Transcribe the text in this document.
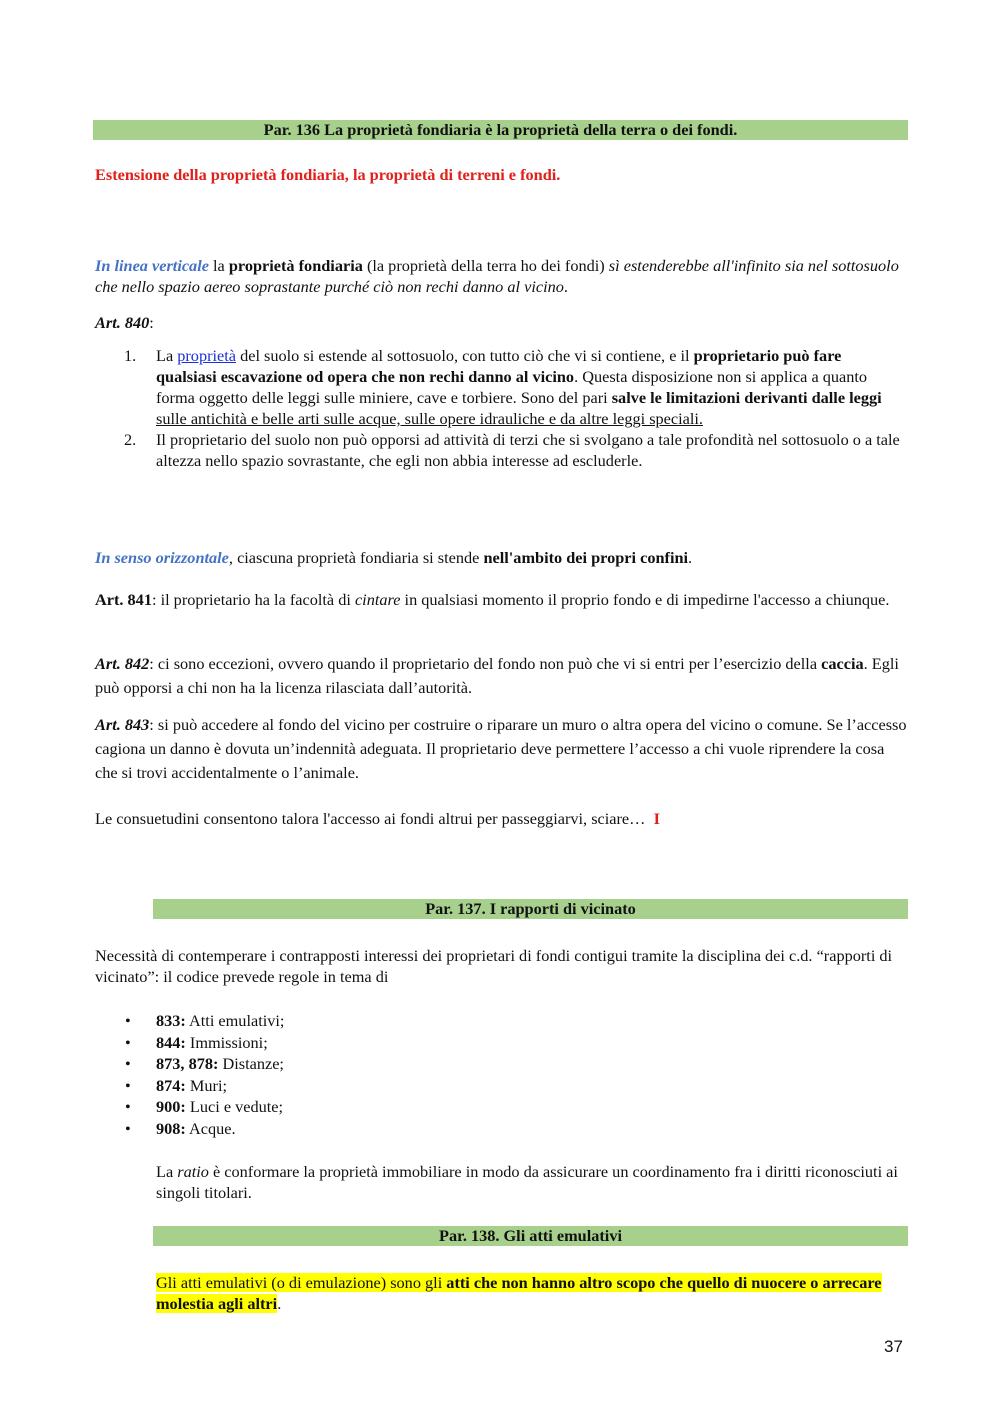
Par. 136 La proprietà fondiaria è la proprietà della terra o dei fondi.
Estensione della proprietà fondiaria, la proprietà di terreni e fondi.
In linea verticale la proprietà fondiaria (la proprietà della terra ho dei fondi) sì estenderebbe all'infinito sia nel sottosuolo che nello spazio aereo soprastante purché ciò non rechi danno al vicino.
Art. 840:
1. La proprietà del suolo si estende al sottosuolo, con tutto ciò che vi si contiene, e il proprietario può fare qualsiasi escavazione od opera che non rechi danno al vicino. Questa disposizione non si applica a quanto forma oggetto delle leggi sulle miniere, cave e torbiere. Sono del pari salve le limitazioni derivanti dalle leggi sulle antichità e belle arti sulle acque, sulle opere idrauliche e da altre leggi speciali.
2. Il proprietario del suolo non può opporsi ad attività di terzi che si svolgano a tale profondità nel sottosuolo o a tale altezza nello spazio sovrastante, che egli non abbia interesse ad escluderle.
In senso orizzontale, ciascuna proprietà fondiaria si stende nell'ambito dei propri confini.
Art. 841: il proprietario ha la facoltà di cintare in qualsiasi momento il proprio fondo e di impedirne l'accesso a chiunque.
Art. 842: ci sono eccezioni, ovvero quando il proprietario del fondo non può che vi si entri per l’esercizio della caccia. Egli può opporsi a chi non ha la licenza rilasciata dall’autorità.
Art. 843: si può accedere al fondo del vicino per costruire o riparare un muro o altra opera del vicino o comune. Se l’accesso cagiona un danno è dovuta un’indennità adeguata. Il proprietario deve permettere l’accesso a chi vuole riprendere la cosa che si trovi accidentalmente o l’animale.
Le consuetudini consentono talora l'accesso ai fondi altrui per passeggiarvi, sciare… I
Par. 137. I rapporti di vicinato
Necessità di contemperare i contrapposti interessi dei proprietari di fondi contigui tramite la disciplina dei c.d. “rapporti di vicinato”: il codice prevede regole in tema di
• 833: Atti emulativi;
• 844: Immissioni;
• 873, 878: Distanze;
• 874: Muri;
• 900: Luci e vedute;
• 908: Acque.
La ratio è conformare la proprietà immobiliare in modo da assicurare un coordinamento fra i diritti riconosciuti ai singoli titolari.
Par. 138. Gli atti emulativi
Gli atti emulativi (o di emulazione) sono gli atti che non hanno altro scopo che quello di nuocere o arrecare molestia agli altri.
37
